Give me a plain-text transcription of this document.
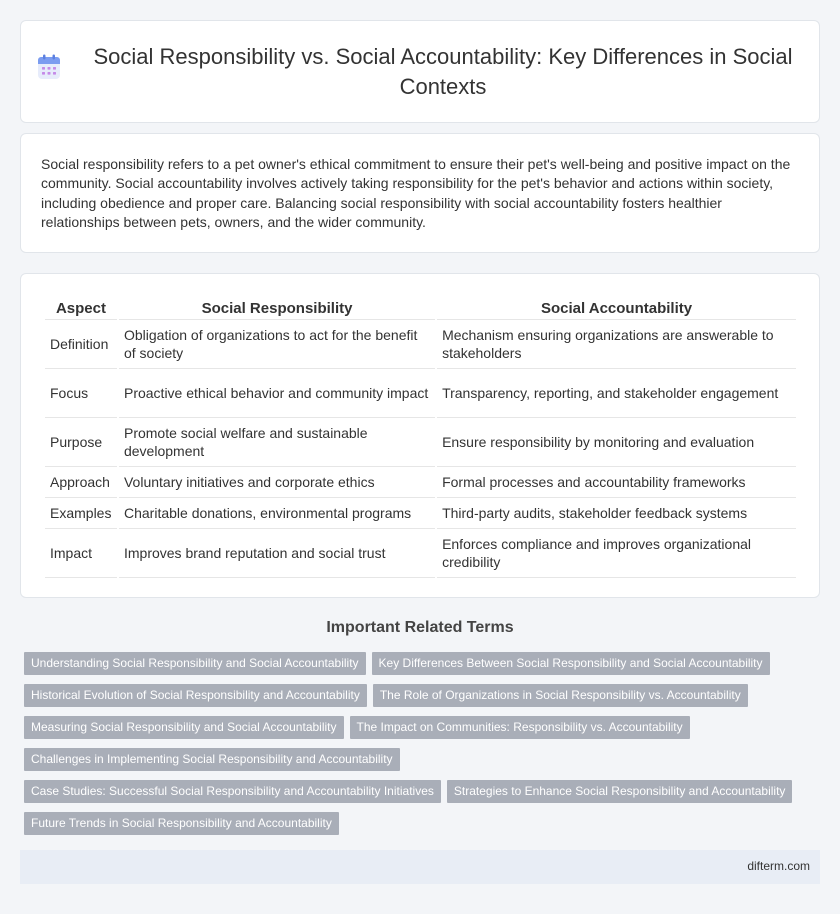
Social Responsibility vs. Social Accountability: Key Differences in Social Contexts

Social responsibility refers to a pet owner's ethical commitment to ensure their pet's well-being and positive impact on the community. Social accountability involves actively taking responsibility for the pet's behavior and actions within society, including obedience and proper care. Balancing social responsibility with social accountability fosters healthier relationships between pets, owners, and the wider community.

Aspect	Social Responsibility	Social Accountability
Definition	Obligation of organizations to act for the benefit of society	Mechanism ensuring organizations are answerable to stakeholders
Focus	Proactive ethical behavior and community impact	Transparency, reporting, and stakeholder engagement
Purpose	Promote social welfare and sustainable development	Ensure responsibility by monitoring and evaluation
Approach	Voluntary initiatives and corporate ethics	Formal processes and accountability frameworks
Examples	Charitable donations, environmental programs	Third-party audits, stakeholder feedback systems
Impact	Improves brand reputation and social trust	Enforces compliance and improves organizational credibility
Important Related Terms
Understanding Social Responsibility and Social Accountability	Key Differences Between Social Responsibility and Social Accountability
Historical Evolution of Social Responsibility and Accountability	The Role of Organizations in Social Responsibility vs. Accountability
Measuring Social Responsibility and Social Accountability	The Impact on Communities: Responsibility vs. Accountability
Challenges in Implementing Social Responsibility and Accountability
Case Studies: Successful Social Responsibility and Accountability Initiatives	Strategies to Enhance Social Responsibility and Accountability
Future Trends in Social Responsibility and Accountability
difterm.com
